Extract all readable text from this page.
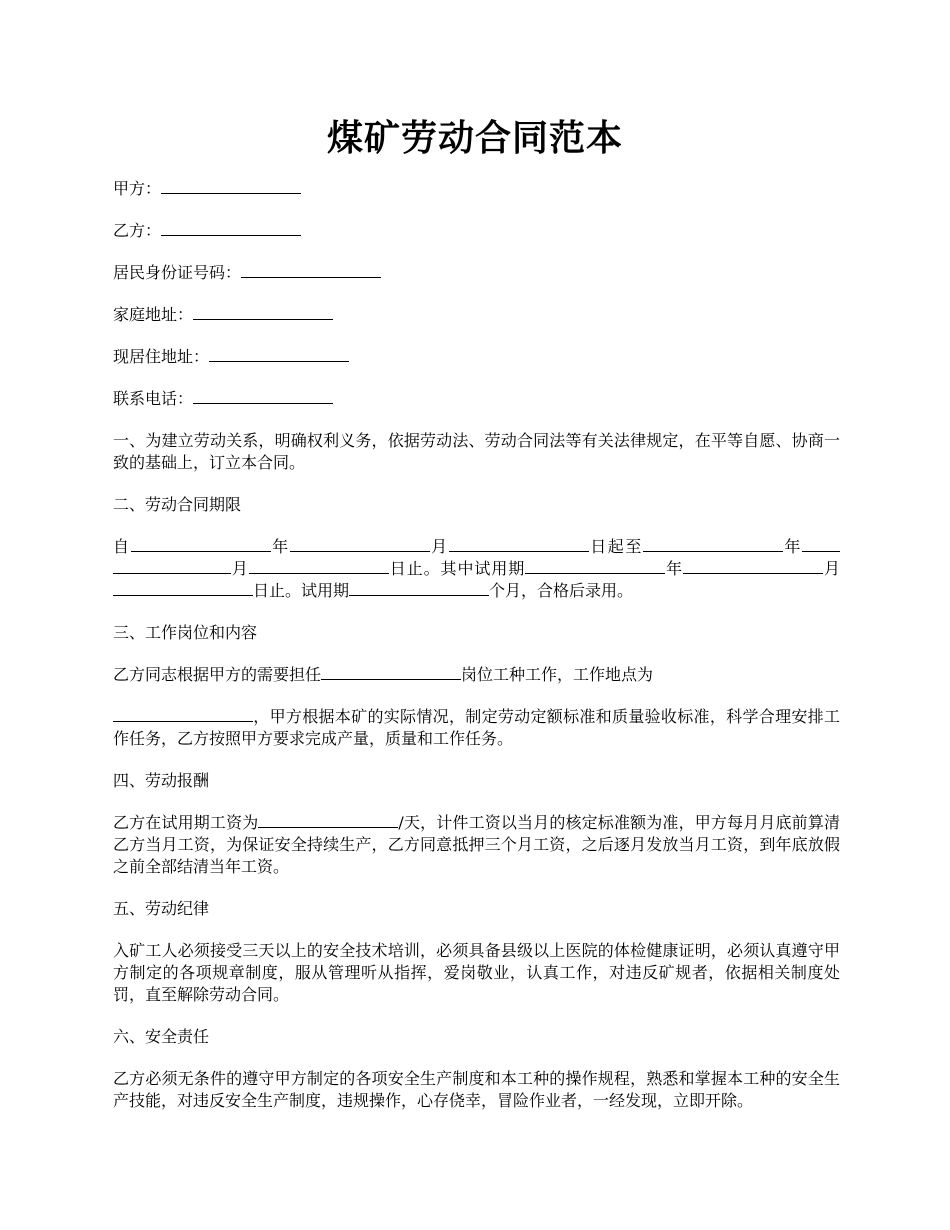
煤矿劳动合同范本
甲方：
乙方：
居民身份证号码：
家庭地址：
现居住地址：
联系电话：
一、为建立劳动关系，明确权利义务，依据劳动法、劳动合同法等有关法律规定，在平等自愿、协商一致的基础上，订立本合同。
二、劳动合同期限
自	年	月	日起至	年月	日止。其中试用期	年	月日止。试用期	个月，合格后录用。
三、工作岗位和内容
乙方同志根据甲方的需要担任	岗位工种工作，工作地点为
，甲方根据本矿的实际情况，制定劳动定额标准和质量验收标准，科学合理安排工作任务，乙方按照甲方要求完成产量，质量和工作任务。
四、劳动报酬
乙方在试用期工资为	/天，计件工资以当月的核定标准额为准，甲方每月月底前算清乙方当月工资，为保证安全持续生产，乙方同意抵押三个月工资，之后逐月发放当月工资，到年底放假之前全部结清当年工资。
五、劳动纪律
入矿工人必须接受三天以上的安全技术培训，必须具备县级以上医院的体检健康证明，必须认真遵守甲方制定的各项规章制度，服从管理听从指挥，爱岗敬业，认真工作，对违反矿规者，依据相关制度处罚，直至解除劳动合同。
六、安全责任
乙方必须无条件的遵守甲方制定的各项安全生产制度和本工种的操作规程，熟悉和掌握本工种的安全生产技能，对违反安全生产制度，违规操作，心存侥幸，冒险作业者，一经发现，立即开除。
